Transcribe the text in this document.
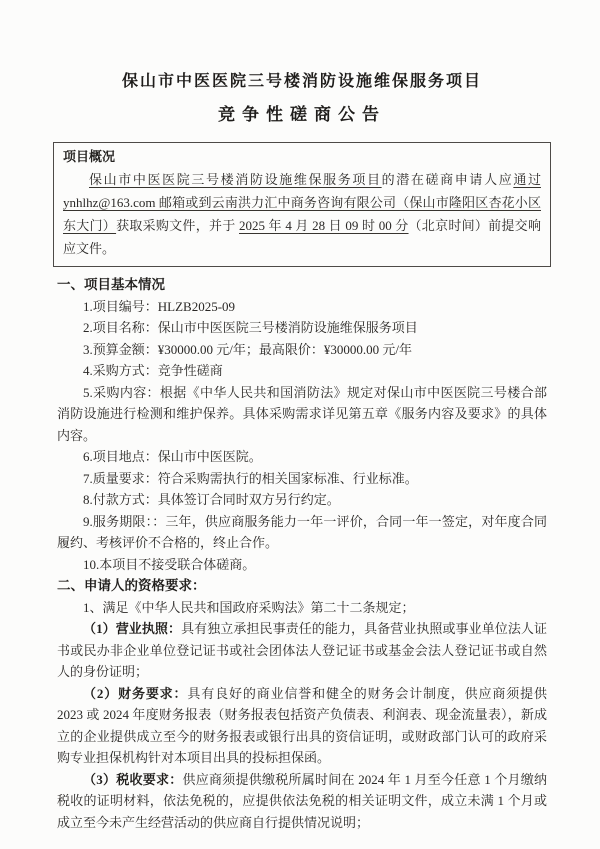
保山市中医医院三号楼消防设施维保服务项目
竞争性磋商公告
项目概况

保山市中医医院三号楼消防设施维保服务项目的潜在磋商申请人应通过 ynhlhz@163.com 邮箱或到云南洪力汇中商务咨询有限公司（保山市隆阳区杏花小区东大门）获取采购文件，并于 2025 年 4 月 28 日 09 时 00 分（北京时间）前提交响应文件。

一、项目基本情况

1.项目编号：HLZB2025-09

2.项目名称：保山市中医医院三号楼消防设施维保服务项目

3.预算金额：¥30000.00 元/年；最高限价：¥30000.00 元/年

4.采购方式：竞争性磋商

5.采购内容：根据《中华人民共和国消防法》规定对保山市中医医院三号楼合部消防设施进行检测和维护保养。具体采购需求详见第五章《服务内容及要求》的具体内容。

6.项目地点：保山市中医医院。

7.质量要求：符合采购需执行的相关国家标准、行业标准。

8.付款方式：具体签订合同时双方另行约定。

9.服务期限：：三年，供应商服务能力一年一评价，合同一年一签定，对年度合同履约、考核评价不合格的，终止合作。

10.本项目不接受联合体磋商。

二、申请人的资格要求：

1、满足《中华人民共和国政府采购法》第二十二条规定；

（1）营业执照：具有独立承担民事责任的能力，具备营业执照或事业单位法人证书或民办非企业单位登记证书或社会团体法人登记证书或基金会法人登记证书或自然人的身份证明；

（2）财务要求：具有良好的商业信誉和健全的财务会计制度，供应商须提供 2023 或 2024 年度财务报表（财务报表包括资产负债表、利润表、现金流量表），新成立的企业提供成立至今的财务报表或银行出具的资信证明，或财政部门认可的政府采购专业担保机构针对本项目出具的投标担保函。

（3）税收要求：供应商须提供缴税所属时间在 2024 年 1 月至今任意 1 个月缴纳税收的证明材料，依法免税的，应提供依法免税的相关证明文件，成立未满 1 个月或成立至今未产生经营活动的供应商自行提供情况说明；
